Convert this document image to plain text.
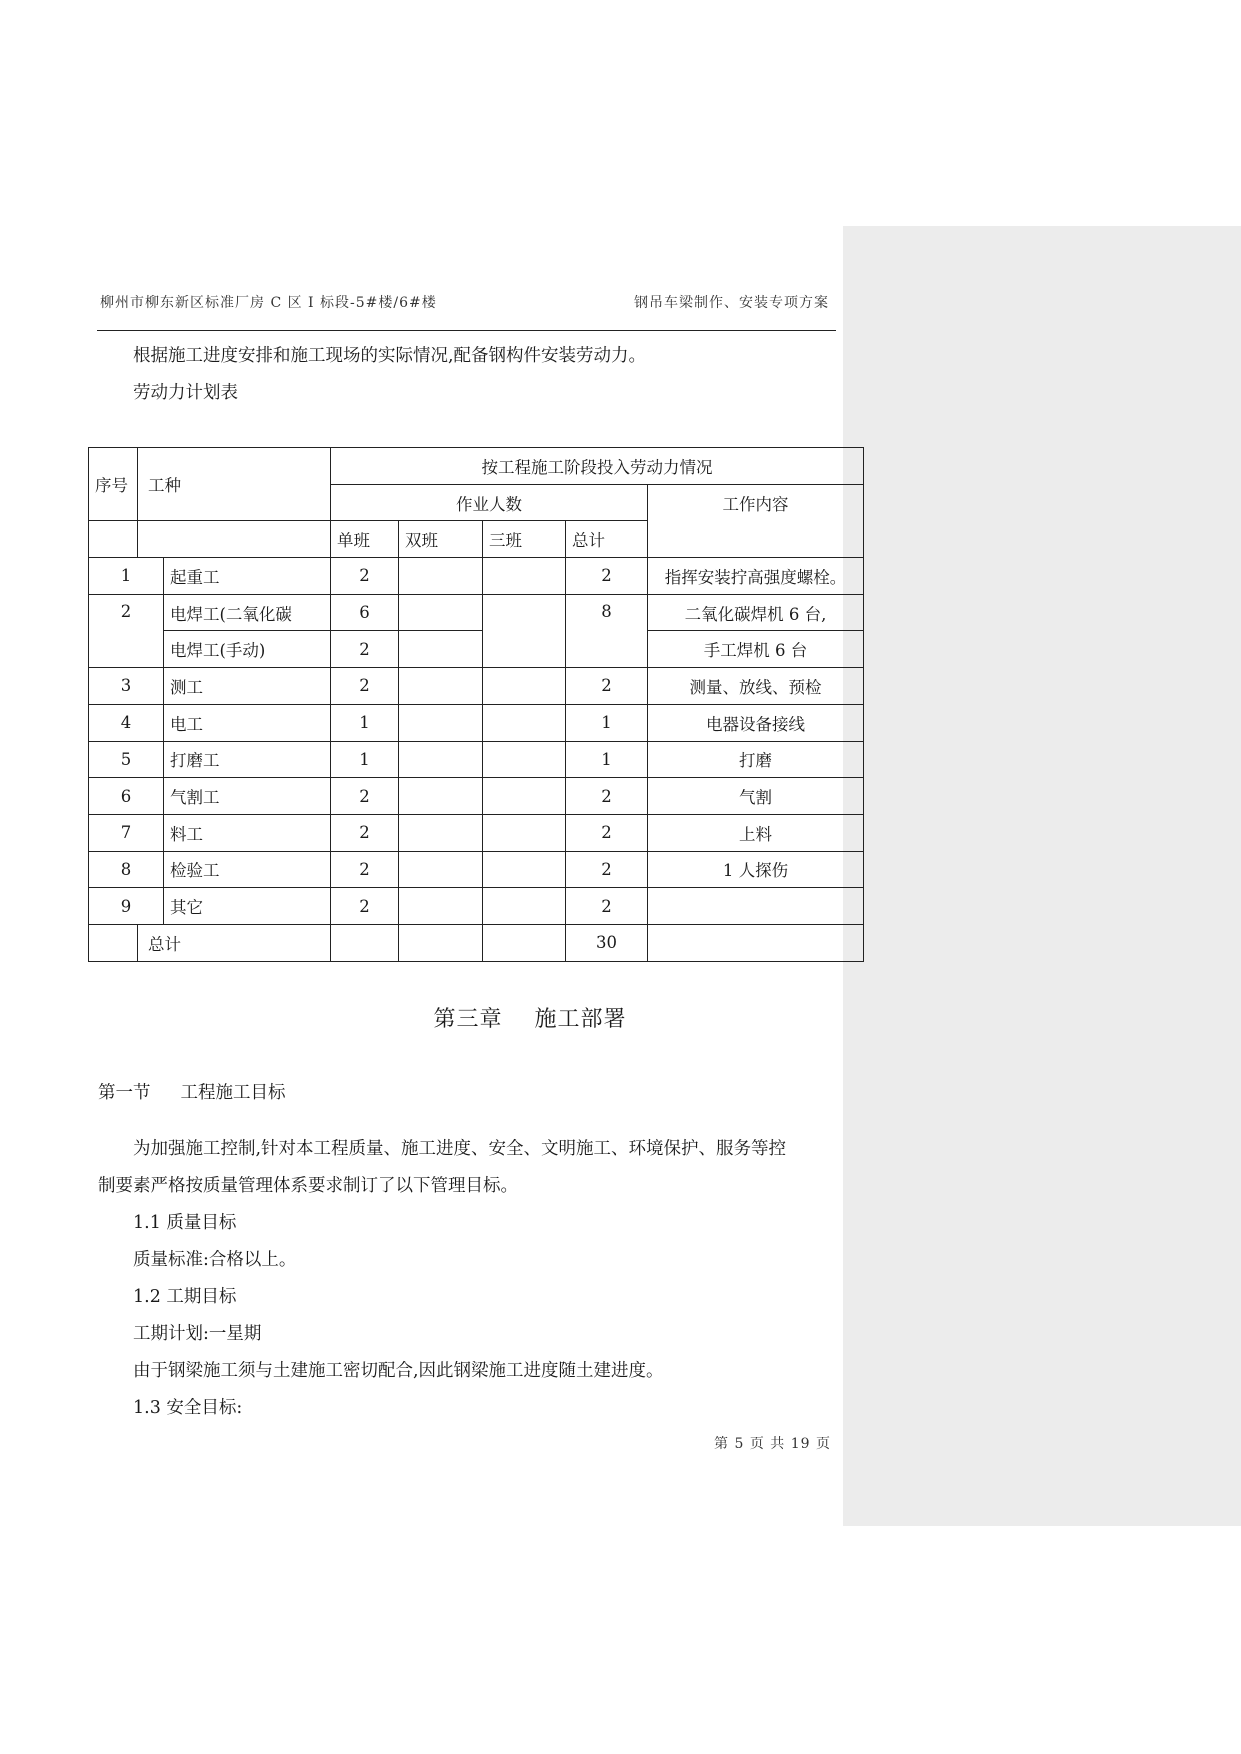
柳州市柳东新区标准厂房 C 区 I 标段-5#楼/6#楼	钢吊车梁制作、安装专项方案
根据施工进度安排和施工现场的实际情况,配备钢构件安装劳动力。
劳动力计划表
序号	工种		按工程施工阶段投入劳动力情况				
			作业人数				工作内容
			单班	双班	三班	总计	
1		起重工	2			2	指挥安装拧高强度螺栓。
2		电焊工(二氧化碳	6			8	二氧化碳焊机 6 台,
		电焊工(手动)	2				手工焊机 6 台
3		测工	2			2	测量、放线、预检
4		电工	1			1	电器设备接线
5		打磨工	1			1	打磨
6		气割工	2			2	气割
7		料工	2			2	上料
8		检验工	2			2	1 人探伤
9		其它	2			2	
	总计					30	
第三章 施工部署
第一节 工程施工目标
为加强施工控制,针对本工程质量、施工进度、安全、文明施工、环境保护、服务等控
制要素严格按质量管理体系要求制订了以下管理目标。
1.1 质量目标
质量标准:合格以上。
1.2 工期目标
工期计划:一星期
由于钢梁施工须与土建施工密切配合,因此钢梁施工进度随土建进度。
1.3 安全目标:
第 5 页 共 19 页
